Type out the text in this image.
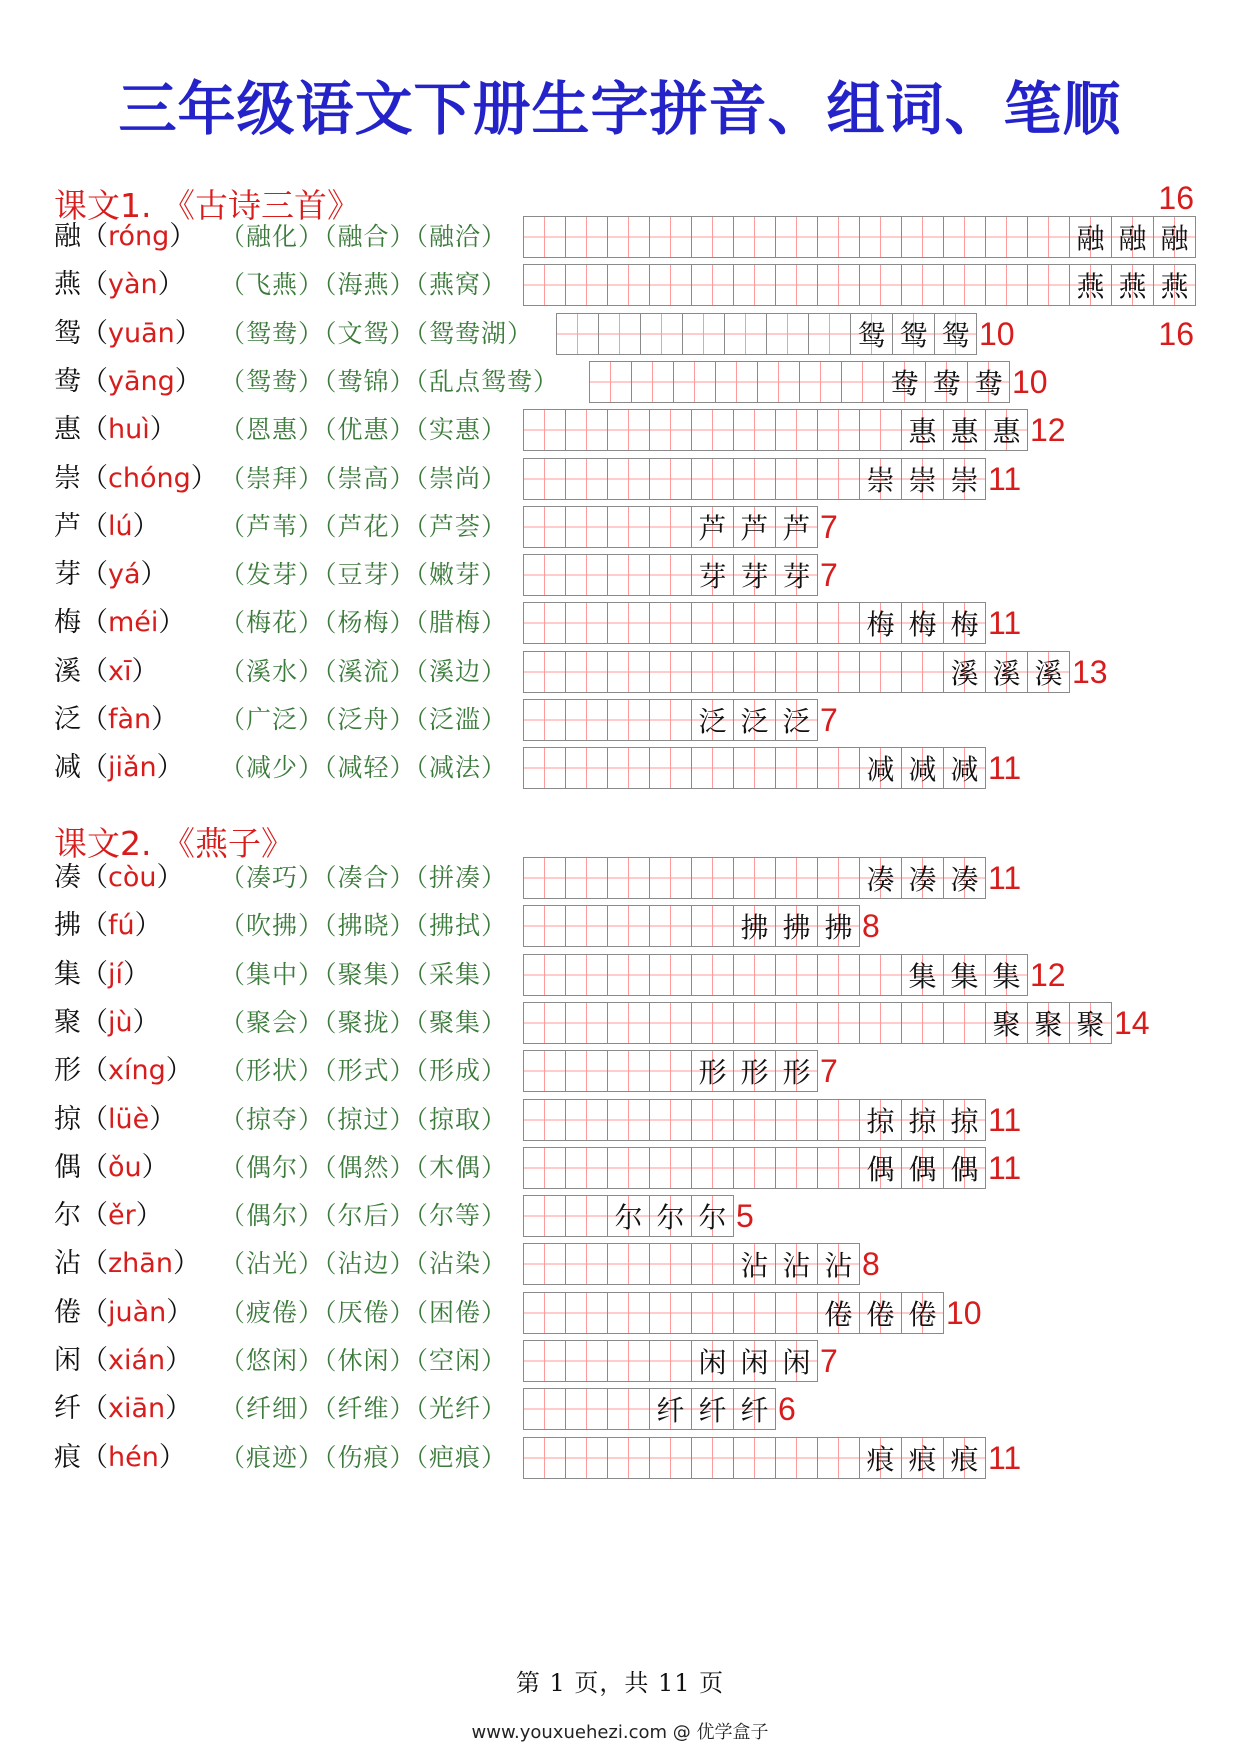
三年级语文下册生字拼音、组词、笔顺
课文1. 《古诗三首》	16
16
融（róng） （融化）（融合）（融洽）	融 融 融
燕（yàn） （飞燕）（海燕）（燕窝）	燕 燕 燕
鸳（yuān） （鸳鸯）（文鸳）（鸳鸯湖）	鸳 鸳 鸳 10
鸯（yāng） （鸳鸯）（鸯锦）（乱点鸳鸯）	鸯 鸯 鸯 10
惠（huì） （恩惠）（优惠）（实惠）	惠 惠 惠 12
崇（chóng） （崇拜）（崇高）（崇尚）	崇 崇 崇 11
芦（lú） （芦苇）（芦花）（芦荟）	芦 芦 芦 7
芽（yá） （发芽）（豆芽）（嫩芽）	芽 芽 芽 7
梅（méi） （梅花）（杨梅）（腊梅）	梅 梅 梅 11
溪（xī） （溪水）（溪流）（溪边）	溪 溪 溪 13
泛（fàn） （广泛）（泛舟）（泛滥）	泛 泛 泛 7
减（jiǎn） （减少）（减轻）（减法）	减 减 减 11
课文2. 《燕子》
凑（còu） （凑巧）（凑合）（拼凑）	凑 凑 凑 11
拂（fú） （吹拂）（拂晓）（拂拭）	拂 拂 拂 8
集（jí）	（集中）（聚集）（采集）	集 集 集 12
聚（jù） （聚会）（聚拢）（聚集）	聚 聚 聚 14
形（xíng） （形状）（形式）（形成）	形 形 形 7
掠（lüè） （掠夺）（掠过）（掠取）	掠 掠 掠 11
偶（ǒu） （偶尔）（偶然）（木偶）	偶 偶 偶 11
尔（ěr） （偶尔）（尔后）（尔等）	尔 尔 尔 5
沾（zhān） （沾光）（沾边）（沾染）	沾 沾 沾 8
倦（juàn） （疲倦）（厌倦）（困倦）	倦 倦 倦 10
闲（xián） （悠闲）（休闲）（空闲）	闲 闲 闲 7
纤（xiān） （纤细）（纤维）（光纤）	纤 纤 纤 6
痕（hén） （痕迹）（伤痕）（疤痕）	痕 痕 痕 11
第 1 页，共 11 页
www.youxuehezi.com @ 优学盒子
